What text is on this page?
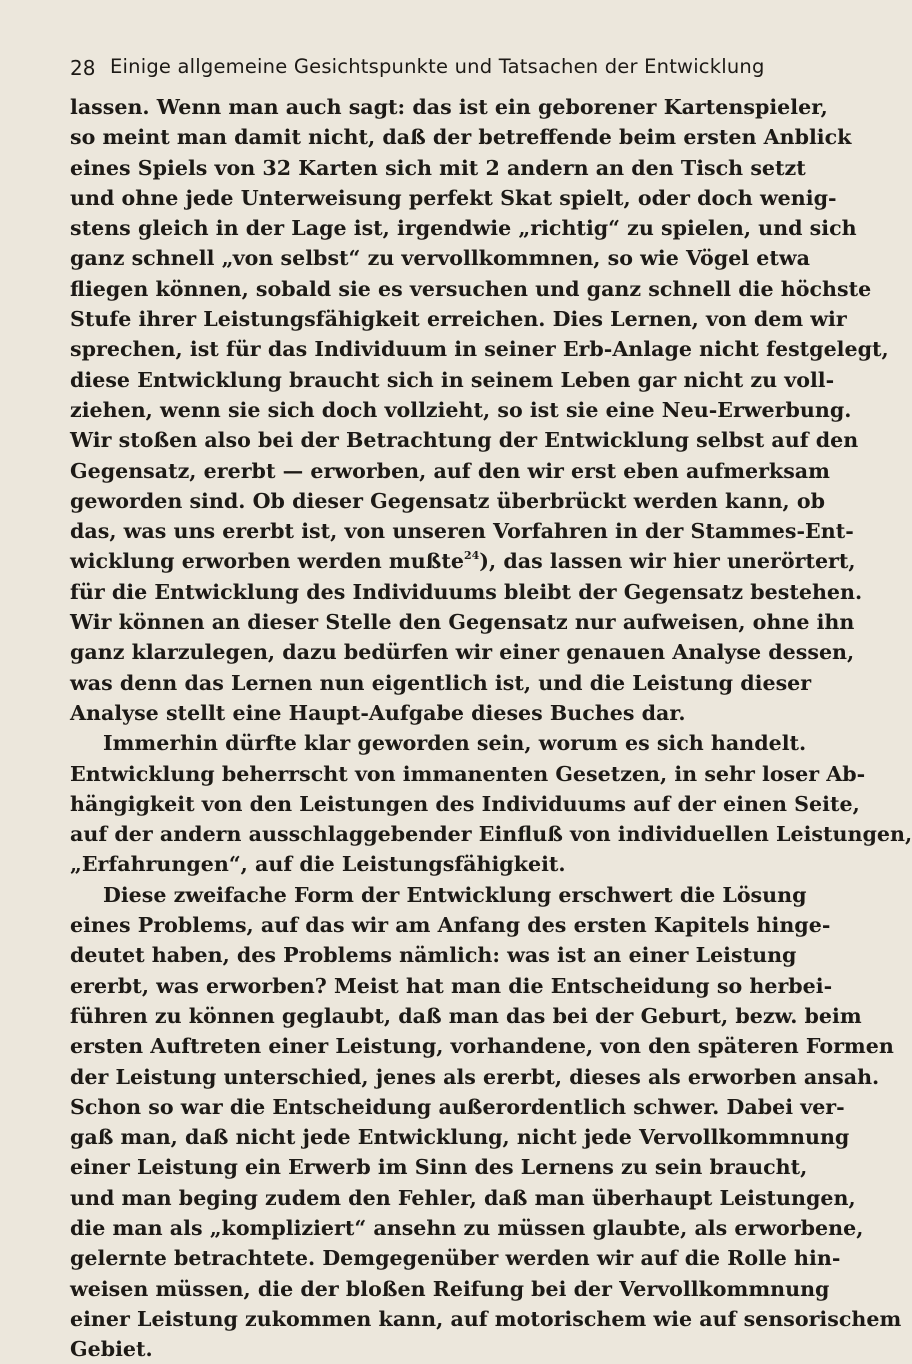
28 Einige allgemeine Gesichtspunkte und Tatsachen der Entwicklung
lassen. Wenn man auch sagt: das ist ein geborener Kartenspieler,
so meint man damit nicht, daß der betreffende beim ersten Anblick
eines Spiels von 32 Karten sich mit 2 andern an den Tisch setzt
und ohne jede Unterweisung perfekt Skat spielt, oder doch wenig-
stens gleich in der Lage ist, irgendwie „richtig“ zu spielen, und sich
ganz schnell „von selbst“ zu vervollkommnen, so wie Vögel etwa
fliegen können, sobald sie es versuchen und ganz schnell die höchste
Stufe ihrer Leistungsfähigkeit erreichen. Dies Lernen, von dem wir
sprechen, ist für das Individuum in seiner Erb-Anlage nicht festgelegt,
diese Entwicklung braucht sich in seinem Leben gar nicht zu voll-
ziehen, wenn sie sich doch vollzieht, so ist sie eine Neu-Erwerbung.
Wir stoßen also bei der Betrachtung der Entwicklung selbst auf den
Gegensatz, ererbt — erworben, auf den wir erst eben aufmerksam
geworden sind. Ob dieser Gegensatz überbrückt werden kann, ob
das, was uns ererbt ist, von unseren Vorfahren in der Stammes-Ent-
wicklung erworben werden mußte$^{24}$), das lassen wir hier unerörtert,
für die Entwicklung des Individuums bleibt der Gegensatz bestehen.
Wir können an dieser Stelle den Gegensatz nur aufweisen, ohne ihn
ganz klarzulegen, dazu bedürfen wir einer genauen Analyse dessen,
was denn das Lernen nun eigentlich ist, und die Leistung dieser
Analyse stellt eine Haupt-Aufgabe dieses Buches dar.
Immerhin dürfte klar geworden sein, worum es sich handelt.
Entwicklung beherrscht von immanenten Gesetzen, in sehr loser Ab-
hängigkeit von den Leistungen des Individuums auf der einen Seite,
auf der andern ausschlaggebender Einfluß von individuellen Leistungen,
„Erfahrungen“, auf die Leistungsfähigkeit.
Diese zweifache Form der Entwicklung erschwert die Lösung
eines Problems, auf das wir am Anfang des ersten Kapitels hinge-
deutet haben, des Problems nämlich: was ist an einer Leistung
ererbt, was erworben? Meist hat man die Entscheidung so herbei-
führen zu können geglaubt, daß man das bei der Geburt, bezw. beim
ersten Auftreten einer Leistung, vorhandene, von den späteren Formen
der Leistung unterschied, jenes als ererbt, dieses als erworben ansah.
Schon so war die Entscheidung außerordentlich schwer. Dabei ver-
gaß man, daß nicht jede Entwicklung, nicht jede Vervollkommnung
einer Leistung ein Erwerb im Sinn des Lernens zu sein braucht,
und man beging zudem den Fehler, daß man überhaupt Leistungen,
die man als „kompliziert“ ansehn zu müssen glaubte, als erworbene,
gelernte betrachtete. Demgegenüber werden wir auf die Rolle hin-
weisen müssen, die der bloßen Reifung bei der Vervollkommnung
einer Leistung zukommen kann, auf motorischem wie auf sensorischem
Gebiet.
